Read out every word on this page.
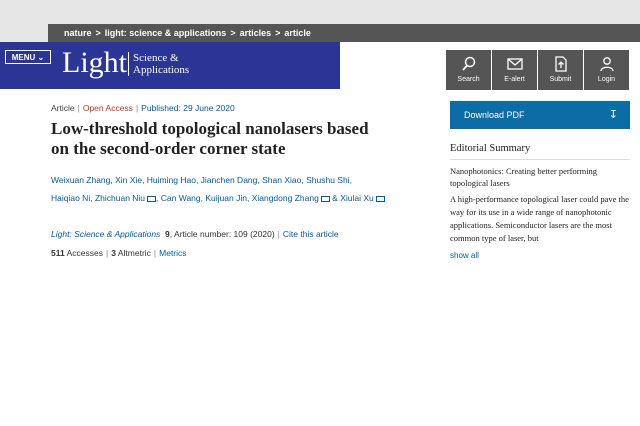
nature > light: science & applications > articles > article
MENU ⌄ Light Science &
Applications
Search	E-alert	Submit	Login
Article | Open Access | Published: 29 June 2020
Low-threshold topological nanolasers based on the second-order corner state
Weixuan Zhang, Xin Xie, Huiming Hao, Jianchen Dang, Shan Xiao, Shushu Shi,
Haiqiao Ni, Zhichuan Niu , Can Wang, Kuijuan Jin, Xiangdong Zhang & Xiulai Xu
Light: Science & Applications 9, Article number: 109 (2020) | Cite this article
511 Accesses | 3 Altmetric | Metrics
Download PDF	↧
Editorial Summary
Nanophotonics: Creating better performing topological lasers
A high-performance topological laser could pave the way for its use in a wide range of nanophotonic applications. Semiconductor lasers are the most common type of laser, but
show all
